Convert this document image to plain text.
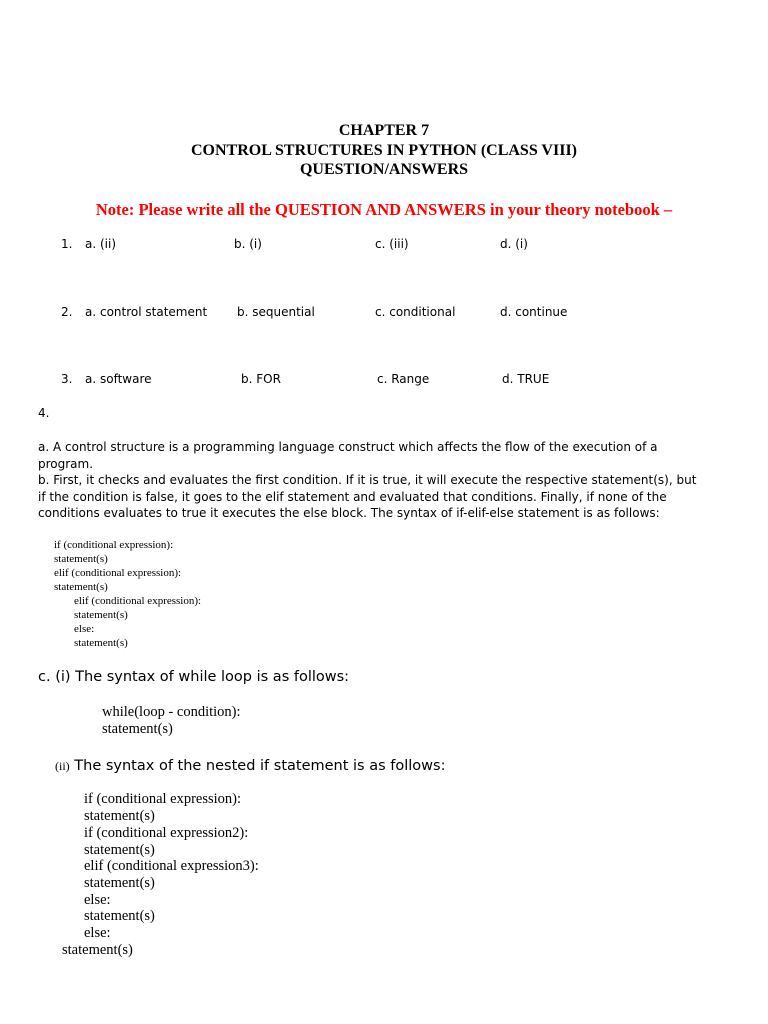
CHAPTER 7
CONTROL STRUCTURES IN PYTHON (CLASS VIII)
QUESTION/ANSWERS
Note: Please write all the QUESTION AND ANSWERS in your theory notebook –
1. a. (ii)	b. (i)	c. (iii)	d. (i)
2. a. control statement b. sequential	c. conditional	d. continue
3. a. software	b. FOR	c. Range	d. TRUE
4.
a. A control structure is a programming language construct which affects the flow of the execution of a program.
b. First, it checks and evaluates the first condition. If it is true, it will execute the respective statement(s), but if the condition is false, it goes to the elif statement and evaluated that conditions. Finally, if none of the conditions evaluates to true it executes the else block. The syntax of if-elif-else statement is as follows:
if (conditional expression):
statement(s)
elif (conditional expression):
statement(s)
elif (conditional expression):
statement(s)
else:
statement(s)
c. (i) The syntax of while loop is as follows:
while(loop - condition):
statement(s)
(ii) The syntax of the nested if statement is as follows:
if (conditional expression):
statement(s)
if (conditional expression2):
statement(s)
elif (conditional expression3):
statement(s)
else:
statement(s)
else:
statement(s)
